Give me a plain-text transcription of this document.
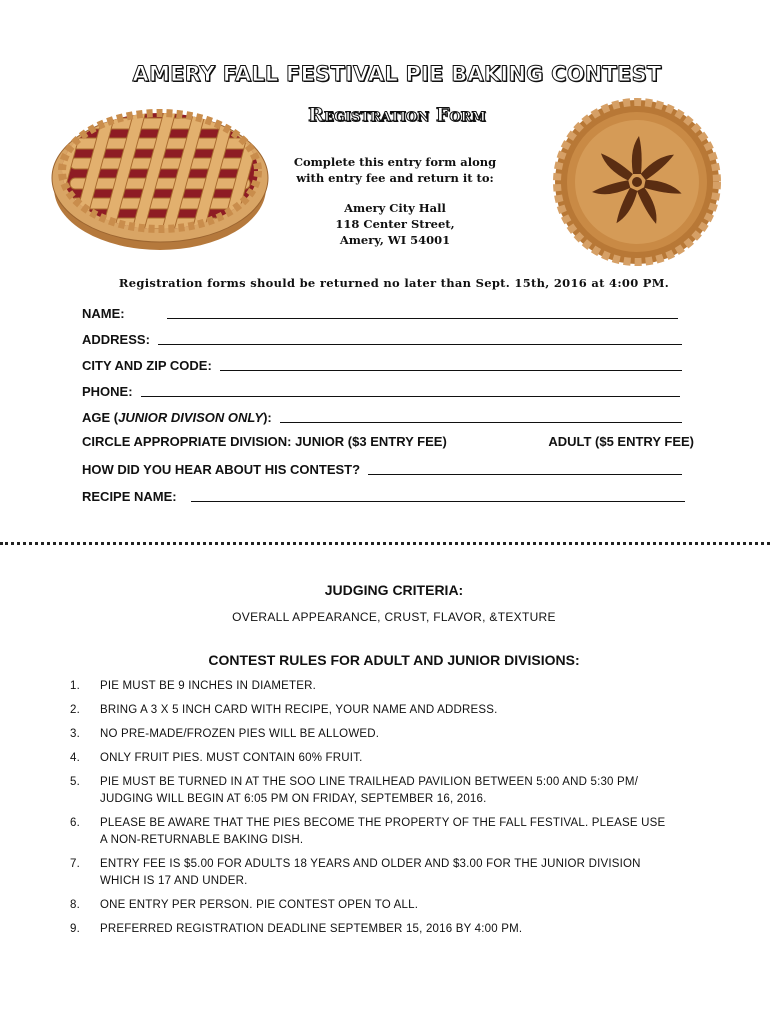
AMERY FALL FESTIVAL PIE BAKING CONTEST
Registration Form
Complete this entry form along
with entry fee and return it to:
Amery City Hall
118 Center Street,
Amery, WI 54001
Registration forms should be returned no later than Sept. 15th, 2016 at 4:00 PM.
NAME:
ADDRESS:
CITY AND ZIP CODE:
PHONE:
AGE (JUNIOR DIVISON ONLY):
CIRCLE APPROPRIATE DIVISION: JUNIOR ($3 ENTRY FEE)	ADULT ($5 ENTRY FEE)
HOW DID YOU HEAR ABOUT HIS CONTEST?
RECIPE NAME:
JUDGING CRITERIA:
OVERALL APPEARANCE, CRUST, FLAVOR, &TEXTURE
CONTEST RULES FOR ADULT AND JUNIOR DIVISIONS:
1.	PIE MUST BE 9 INCHES IN DIAMETER.
2.	BRING A 3 X 5 INCH CARD WITH RECIPE, YOUR NAME AND ADDRESS.
3.	NO PRE-MADE/FROZEN PIES WILL BE ALLOWED.
4.	ONLY FRUIT PIES. MUST CONTAIN 60% FRUIT.
5.	PIE MUST BE TURNED IN AT THE SOO LINE TRAILHEAD PAVILION BETWEEN 5:00 AND 5:30 PM/
JUDGING WILL BEGIN AT 6:05 PM ON FRIDAY, SEPTEMBER 16, 2016.
6.	PLEASE BE AWARE THAT THE PIES BECOME THE PROPERTY OF THE FALL FESTIVAL. PLEASE USE
A NON-RETURNABLE BAKING DISH.
7.	ENTRY FEE IS $5.00 FOR ADULTS 18 YEARS AND OLDER AND $3.00 FOR THE JUNIOR DIVISION
WHICH IS 17 AND UNDER.
8.	ONE ENTRY PER PERSON. PIE CONTEST OPEN TO ALL.
9.	PREFERRED REGISTRATION DEADLINE SEPTEMBER 15, 2016 BY 4:00 PM.
